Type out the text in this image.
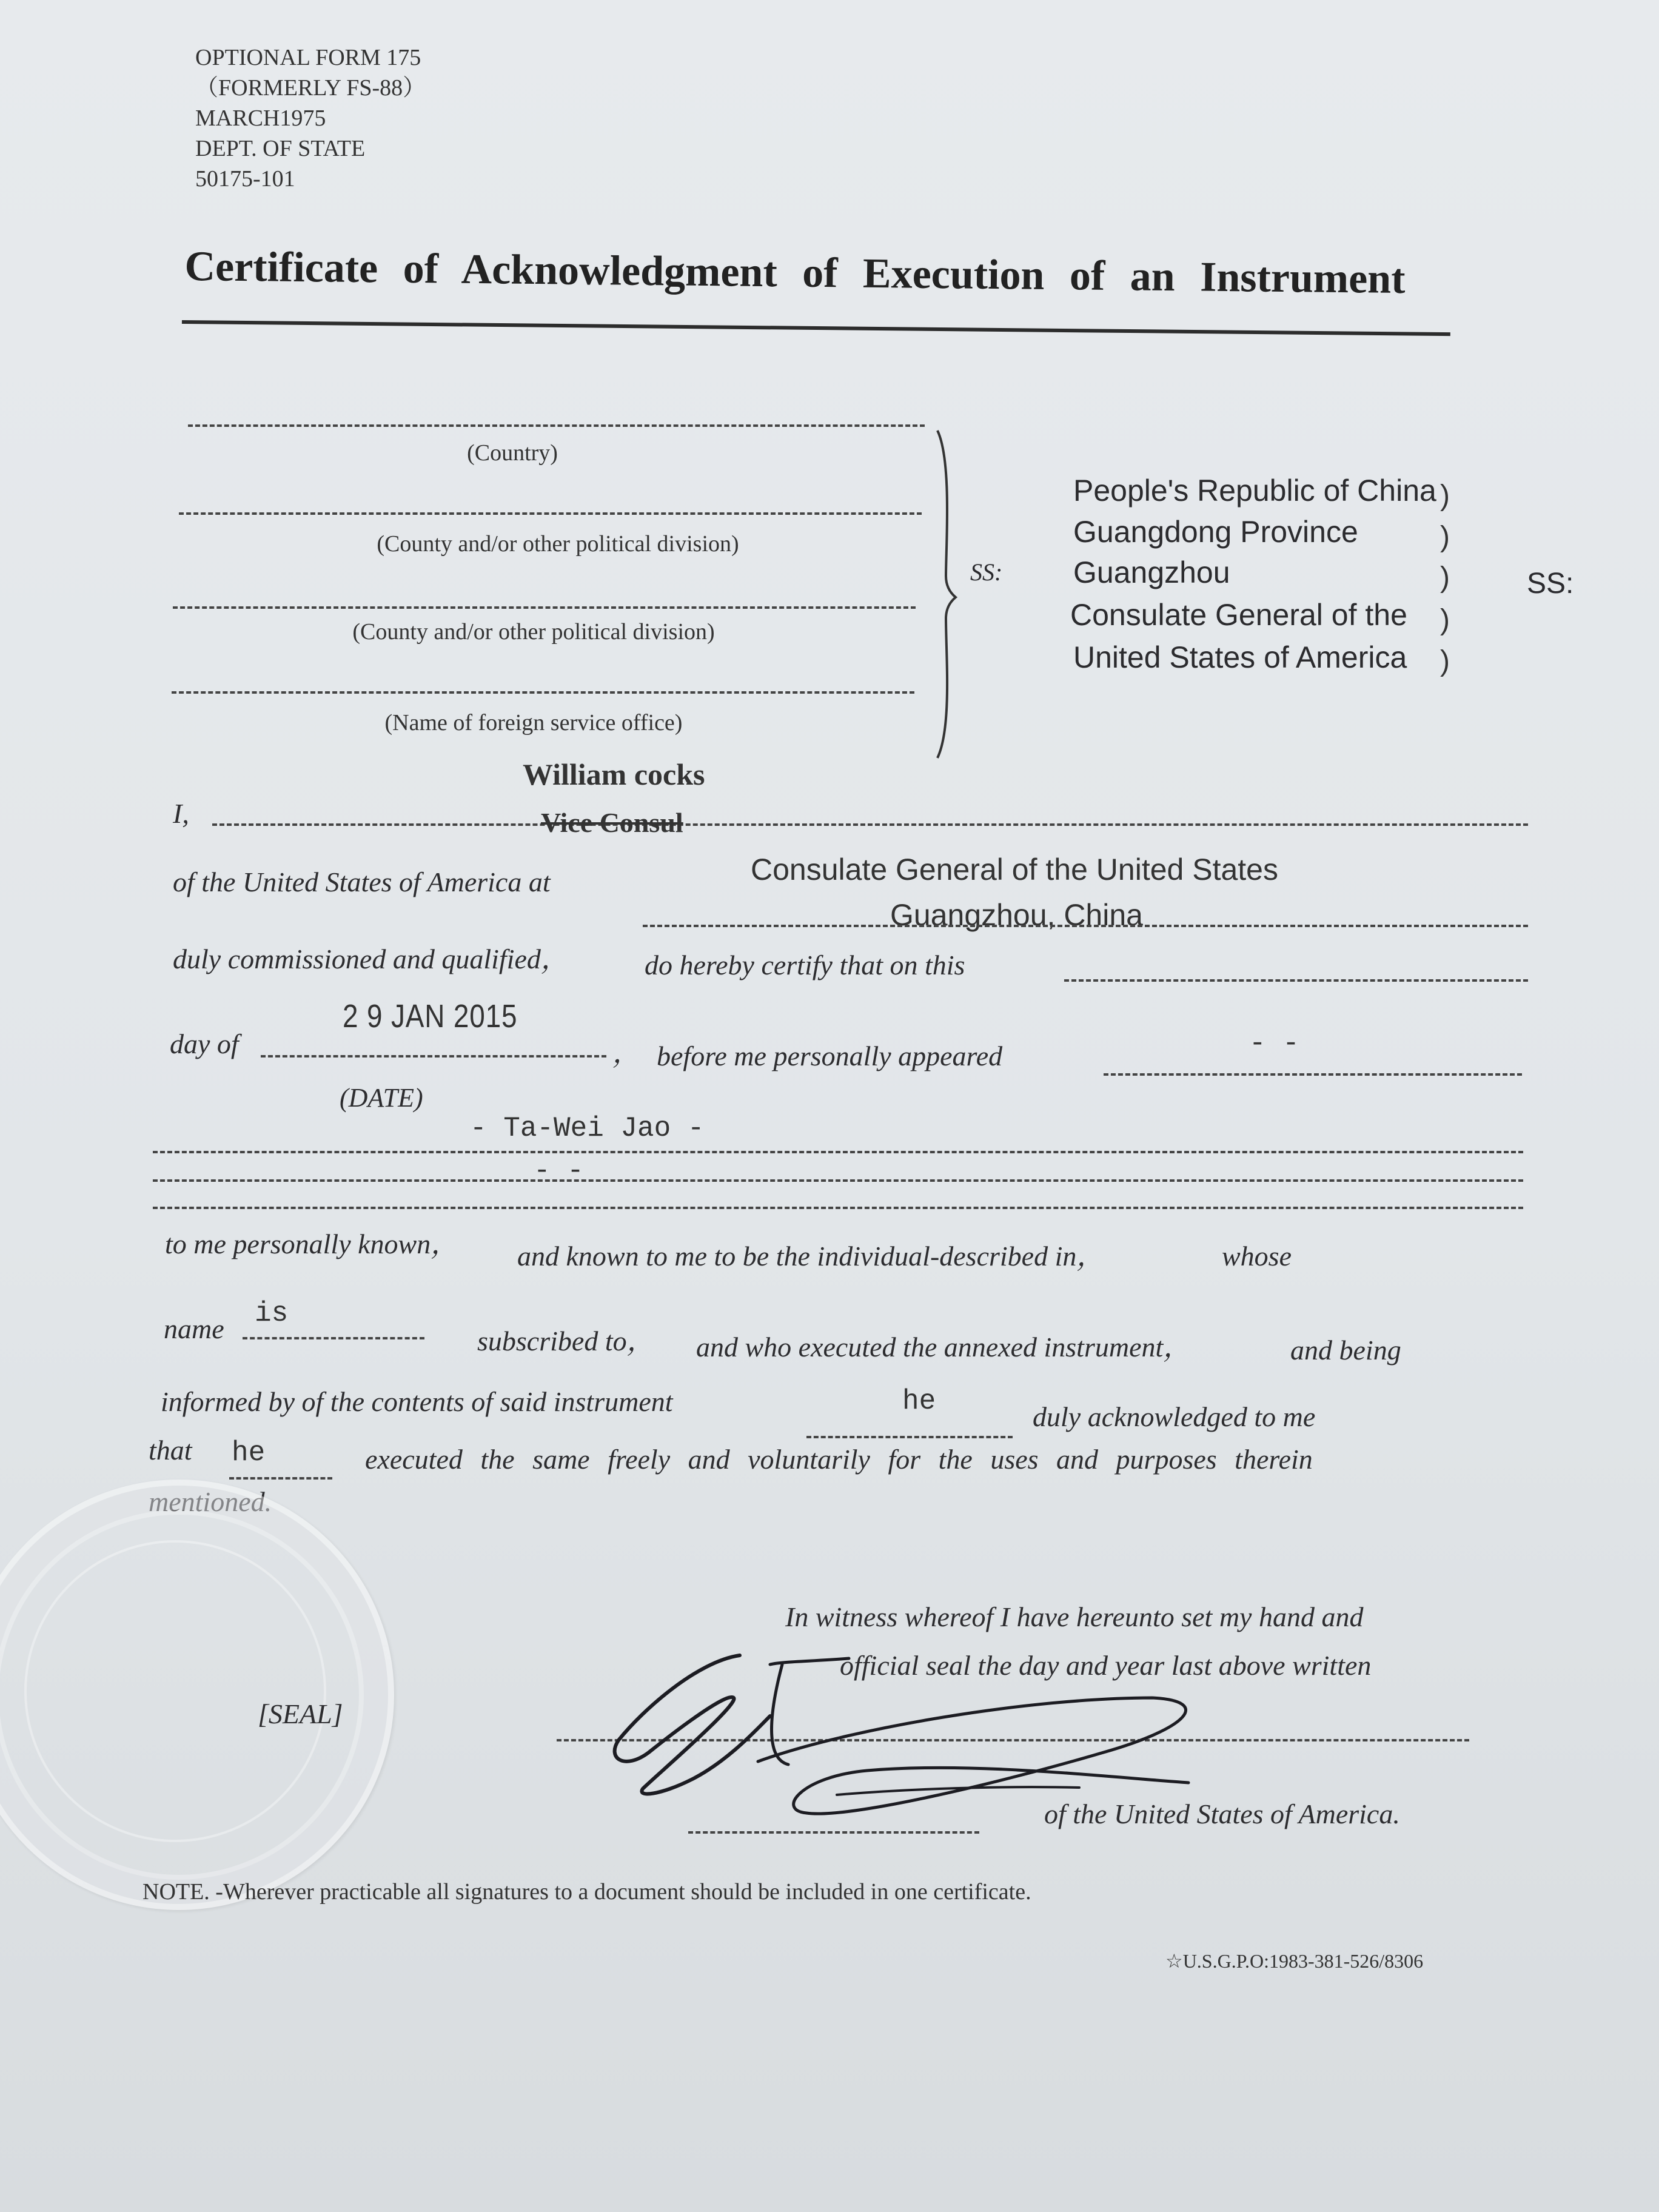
OPTIONAL FORM 175
（FORMERLY FS-88）
MARCH1975
DEPT. OF STATE
50175-101
Certificate of Acknowledgment of Execution of an Instrument
(Country)
(County and/or other political division)
(County and/or other political division)
(Name of foreign service office)
SS:
People's Republic of China
Guangdong Province
Guangzhou
Consulate General of the
United States of America
)
)
)
)
)
SS:
William cocks
I,	Vice Consul
of the United States of America at	Consulate General of the United States
Guangzhou, China
duly commissioned and qualified，	do hereby certify that on this
day of
2 9 JAN 2015
， before me personally appeared	- -
(DATE)
- Ta-Wei Jao -
- -
to me personally known， and known to me to be the individual-described in，	whose
name is
subscribed to， and who executed the annexed instrument，	and being
informed by of the contents of said instrument	he	duly acknowledged to me
that he	executed the same freely and voluntarily for the uses and purposes therein
mentioned.
In witness whereof I have hereunto set my hand and
official seal the day and year last above written
[SEAL]
of the United States of America.
NOTE. -Wherever practicable all signatures to a document should be included in one certificate.
☆U.S.G.P.O:1983-381-526/8306
